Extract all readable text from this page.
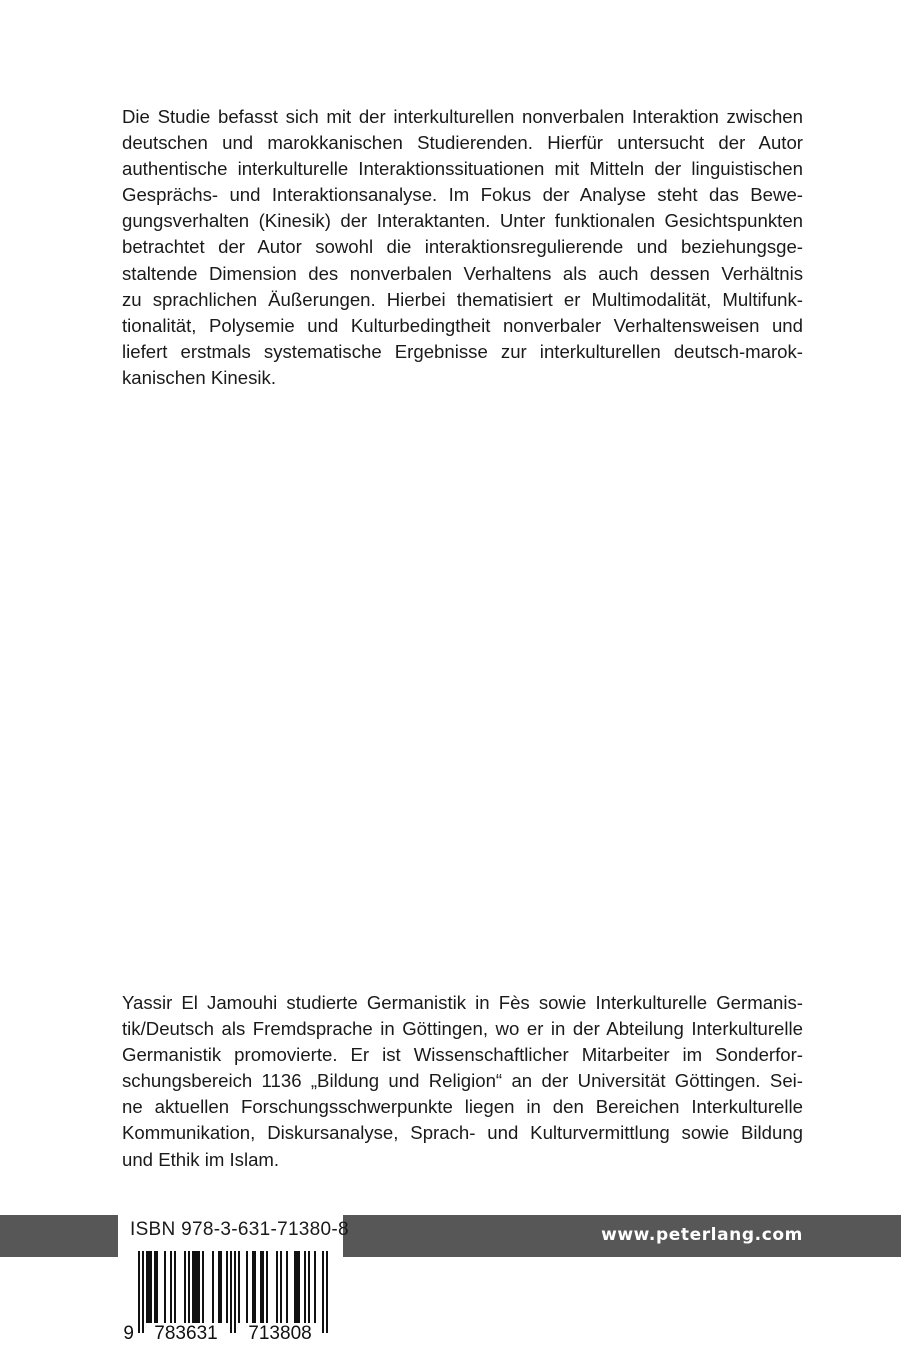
Die Studie befasst sich mit der interkulturellen nonverbalen Interaktion zwischen
deutschen und marokkanischen Studierenden. Hierfür untersucht der Autor
authentische interkulturelle Interaktionssituationen mit Mitteln der linguistischen
Gesprächs- und Interaktionsanalyse. Im Fokus der Analyse steht das Bewe-
gungsverhalten (Kinesik) der Interaktanten. Unter funktionalen Gesichtspunkten
betrachtet der Autor sowohl die interaktionsregulierende und beziehungsge-
staltende Dimension des nonverbalen Verhaltens als auch dessen Verhältnis
zu sprachlichen Äußerungen. Hierbei thematisiert er Multimodalität, Multifunk-
tionalität, Polysemie und Kulturbedingtheit nonverbaler Verhaltensweisen und
liefert erstmals systematische Ergebnisse zur interkulturellen deutsch-marok-
kanischen Kinesik.
Yassir El Jamouhi studierte Germanistik in Fès sowie Interkulturelle Germanis-
tik/Deutsch als Fremdsprache in Göttingen, wo er in der Abteilung Interkulturelle
Germanistik promovierte. Er ist Wissenschaftlicher Mitarbeiter im Sonderfor-
schungsbereich 1136 „Bildung und Religion“ an der Universität Göttingen. Sei-
ne aktuellen Forschungsschwerpunkte liegen in den Bereichen Interkulturelle
Kommunikation, Diskursanalyse, Sprach- und Kulturvermittlung sowie Bildung
und Ethik im Islam.
www.peterlang.com
ISBN 978-3-631-71380-8
9 783631 713808
